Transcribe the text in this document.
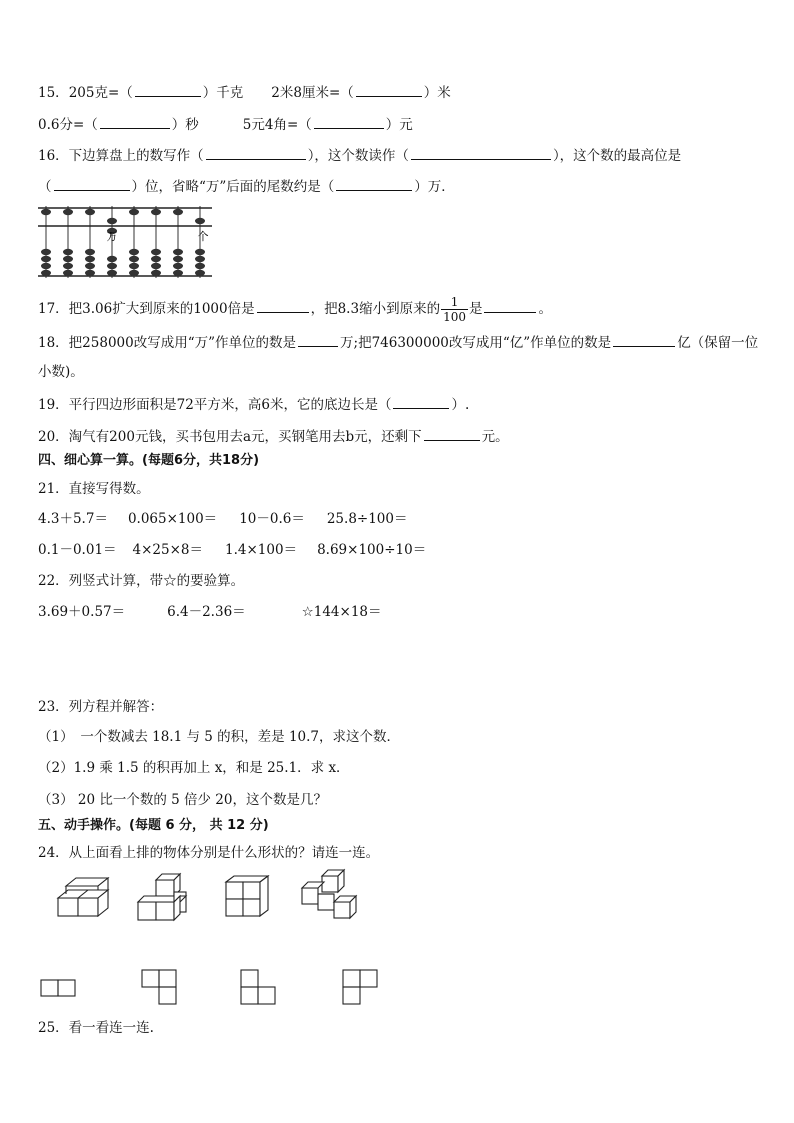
15．205克=（	）千克 2米8厘米=（	）米
0.6分=（	）秒	5元4角=（	）元
16．下边算盘上的数写作（	），这个数读作（	），这个数的最高位是
（	）位，省略“万”后面的尾数约是（	）万．
万	个
17．把3.06扩大到原来的1000倍是	，把8.3缩小到原来的 $\frac{1}{100}$ 是	。
18．把258000改写成用“万”作单位的数是	万;把746300000改写成用“亿”作单位的数是	亿（保留一位
小数)。
19．平行四边形面积是72平方米，高6米，它的底边长是（	）.
20．淘气有200元钱，买书包用去a元，买钢笔用去b元，还剩下	元。
四、细心算一算。(每题6分，共18分)
21．直接写得数。
4.3＋5.7＝ 0.065×100＝ 10－0.6＝ 25.8÷100＝
0.1－0.01＝ 4×25×8＝ 1.4×100＝ 8.69×100÷10＝
22．列竖式计算，带☆的要验算。
3.69＋0.57＝	6.4－2.36＝	☆144×18＝
23．列方程并解答：
（1）　一个数减去 18.1 与 5 的积，差是 10.7，求这个数．
（2）1.9 乘 1.5 的积再加上 x，和是 25.1．求 x．
（3） 20 比一个数的 5 倍少 20，这个数是几？
五、动手操作。(每题 6 分， 共 12 分)
24．从上面看上排的物体分别是什么形状的？请连一连。
25．看一看连一连.
